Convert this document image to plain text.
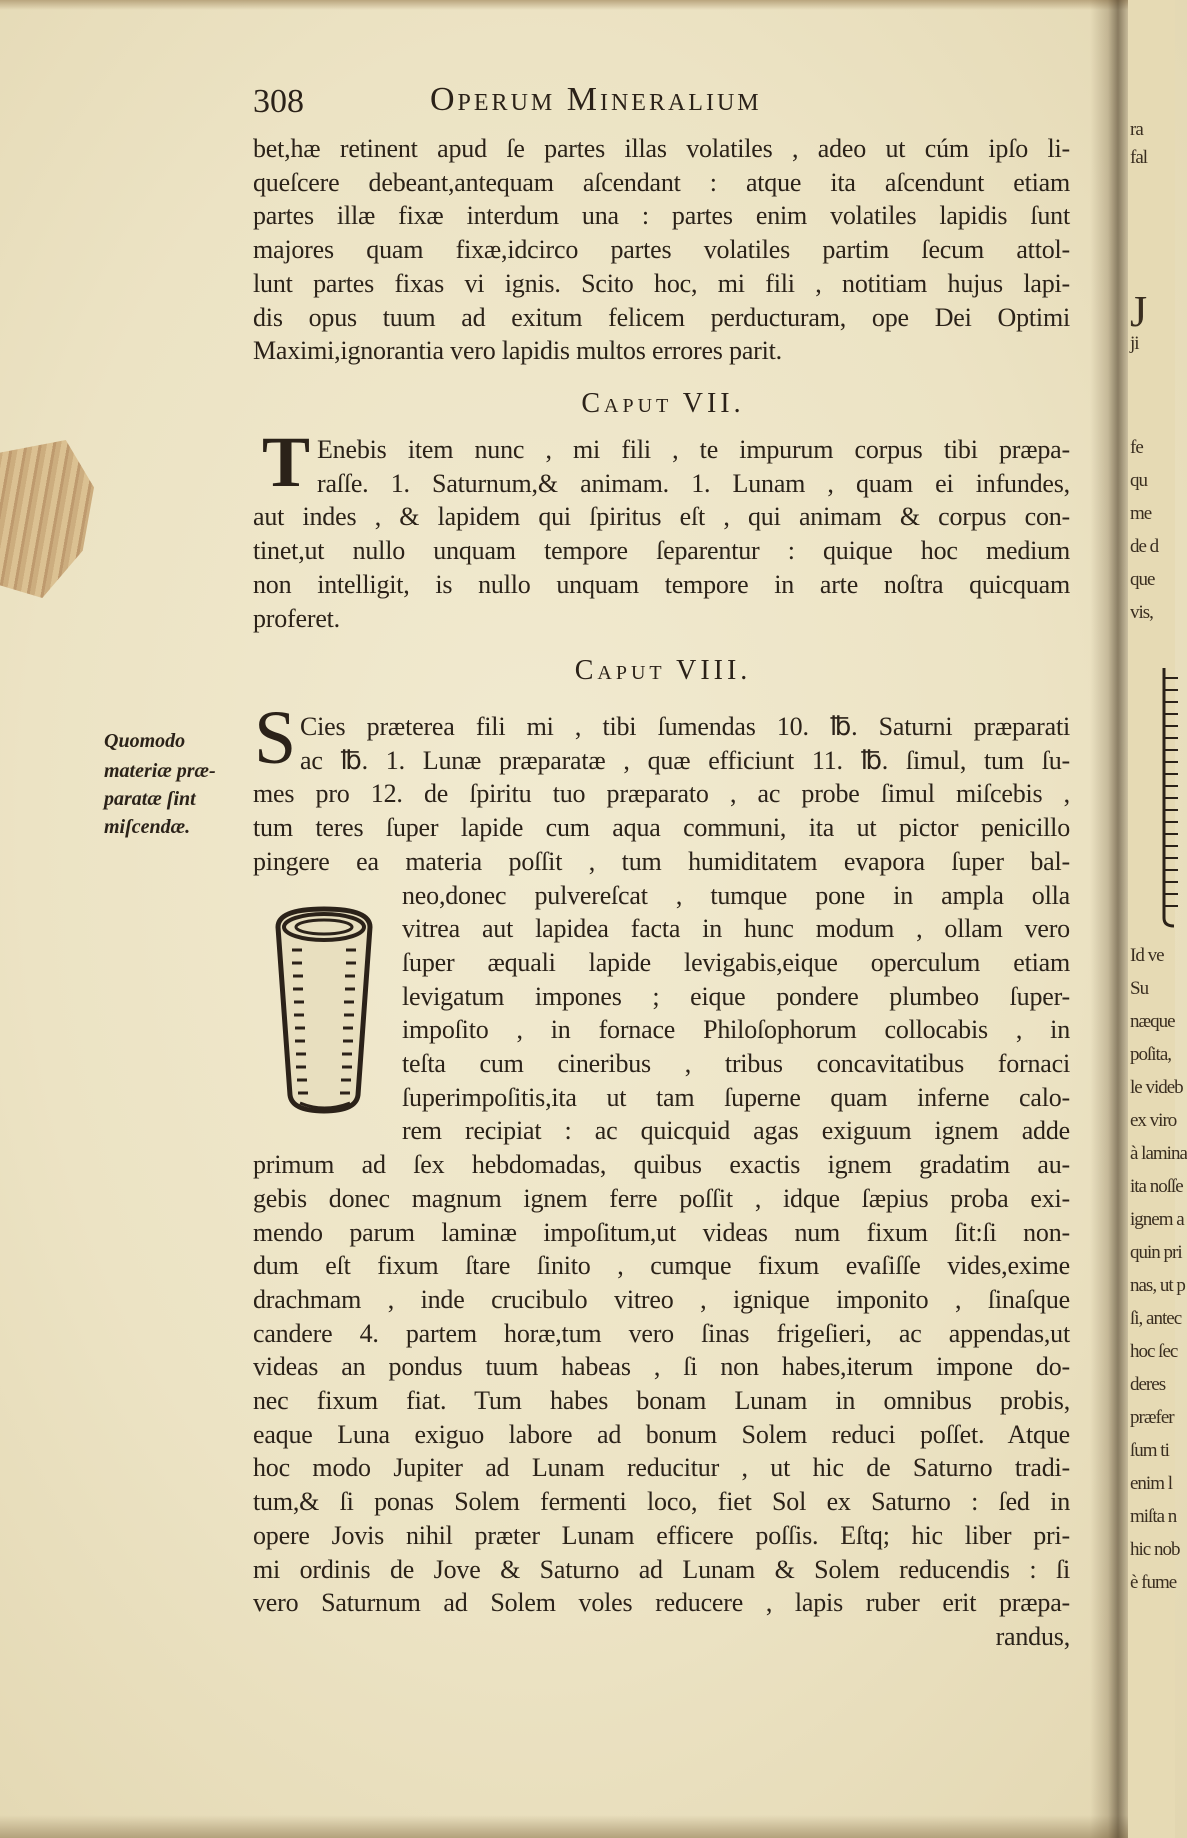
308	Operum Mineralium
bet,hæ retinent apud ſe partes illas volatiles , adeo ut cúm ipſo li-
queſcere debeant,antequam aſcendant : atque ita aſcendunt etiam
partes illæ fixæ interdum una : partes enim volatiles lapidis ſunt
majores quam fixæ,idcirco partes volatiles partim ſecum attol-
lunt partes fixas vi ignis. Scito hoc, mi fili , notitiam hujus lapi-
dis opus tuum ad exitum felicem perducturam, ope Dei Optimi
Maximi,ignorantia vero lapidis multos errores parit.
Caput VII.
T Enebis item nunc , mi fili , te impurum corpus tibi præpa-
raſſe. 1. Saturnum,& animam. 1. Lunam , quam ei infundes,
aut indes , & lapidem qui ſpiritus eſt , qui animam & corpus con-
tinet,ut nullo unquam tempore ſeparentur : quique hoc medium
non intelligit, is nullo unquam tempore in arte noſtra quicquam
proferet.
Caput VIII.
S Cies præterea fili mi , tibi ſumendas 10. ℔. Saturni præparati
ac ℔. 1. Lunæ præparatæ , quæ efficiunt 11. ℔. ſimul, tum ſu-
mes pro 12. de ſpiritu tuo præparato , ac probe ſimul miſcebis ,
tum teres ſuper lapide cum aqua communi, ita ut pictor penicillo
pingere ea materia poſſit , tum humiditatem evapora ſuper bal-
neo,donec pulvereſcat , tumque pone in ampla olla
vitrea aut lapidea facta in hunc modum , ollam vero
ſuper æquali lapide levigabis,eique operculum etiam
levigatum impones ; eique pondere plumbeo ſuper-
impoſito , in fornace Philoſophorum collocabis , in
teſta cum cineribus , tribus concavitatibus fornaci
ſuperimpoſitis,ita ut tam ſuperne quam inferne calo-
rem recipiat : ac quicquid agas exiguum ignem adde
primum ad ſex hebdomadas, quibus exactis ignem gradatim au-
gebis donec magnum ignem ferre poſſit , idque ſæpius proba exi-
mendo parum laminæ impoſitum,ut videas num fixum ſit:ſi non-
dum eſt fixum ſtare ſinito , cumque fixum evaſiſſe vides,exime
drachmam , inde crucibulo vitreo , ignique imponito , ſinaſque
candere 4. partem horæ,tum vero ſinas frigeſieri, ac appendas,ut
videas an pondus tuum habeas , ſi non habes,iterum impone do-
nec fixum fiat. Tum habes bonam Lunam in omnibus probis,
eaque Luna exiguo labore ad bonum Solem reduci poſſet. Atque
hoc modo Jupiter ad Lunam reducitur , ut hic de Saturno tradi-
tum,& ſi ponas Solem fermenti loco, fiet Sol ex Saturno : ſed in
opere Jovis nihil præter Lunam efficere poſſis. Eſtq; hic liber pri-
mi ordinis de Jove & Saturno ad Lunam & Solem reducendis : ſi
vero Saturnum ad Solem voles reducere , lapis ruber erit præpa-
randus,
Quomodo
materiæ præ-
paratæ ſint
miſcendæ.
ra
fal
J
ji
fe
qu
me
de d
que
vis,
Id ve
Su
næque
poſita,
le videb
ex viro
à lamina
ita noſſe
ignem a
quin pri
nas, ut p
ſi, antec
hoc ſec
deres
præfer
ſum ti
enim l
miſta n
hic nob
è fume
